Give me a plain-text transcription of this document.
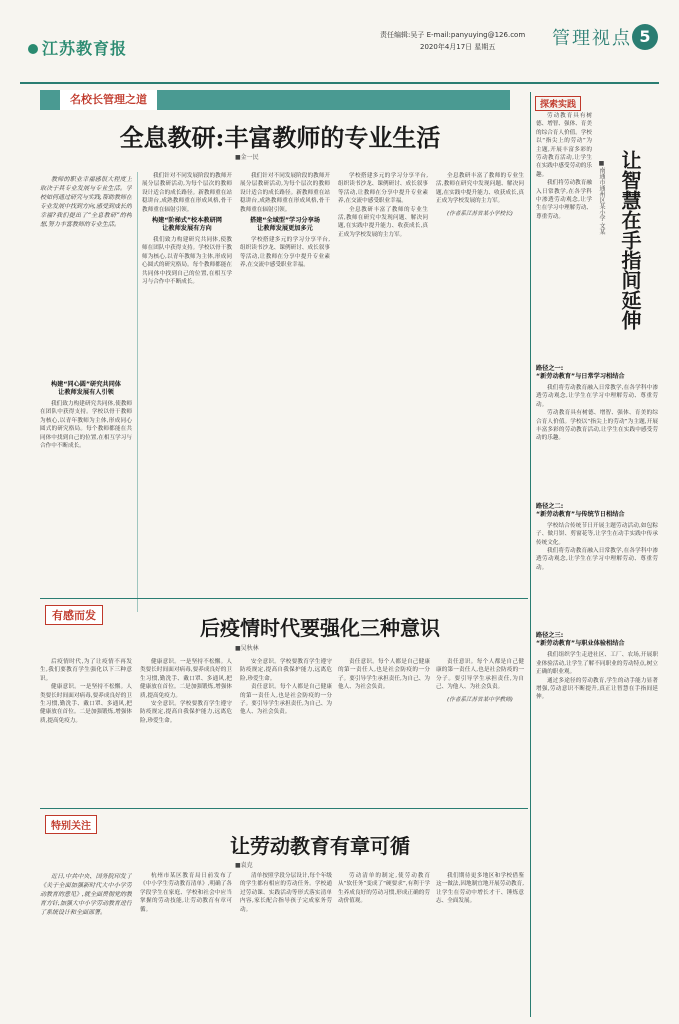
江苏教育报
责任编辑:吴子 E-mail:panyuying@126.com
2020年4月17日 星期五	管理视点 5
名校长管理之道
全息教研:丰富教师的专业生活
■金一民

教师的职业幸福感很大程度上取决于其专业发展与专业生活。学校如何通过研究与实践,帮助教师在专业发展中找到方向,感受到成长的幸福?我们提出了“全息教研”的构想,努力丰富教师的专业生活。

构建“同心圆”研究共同体
让教师发展有人引领

我们致力构建研究共同体,使教师在团队中获得支持。学校以骨干教师为核心,以青年教师为主体,形成同心圆式的研究格局。每个教师都能在共同体中找到自己的位置,在相互学习与合作中不断成长。

我们针对不同发展阶段的教师开展分层教研活动,为每个层次的教师设计适合的成长路径。新教师重在站稳讲台,成熟教师重在形成风格,骨干教师重在辐射引领。

构建“阶梯式”校本教研网
让教师发展有方向

我们致力构建研究共同体,使教师在团队中获得支持。学校以骨干教师为核心,以青年教师为主体,形成同心圆式的研究格局。每个教师都能在共同体中找到自己的位置,在相互学习与合作中不断成长。

我们针对不同发展阶段的教师开展分层教研活动,为每个层次的教师设计适合的成长路径。新教师重在站稳讲台,成熟教师重在形成风格,骨干教师重在辐射引领。

搭建“全域型”学习分享场
让教师发展更加多元

学校搭建多元的学习分享平台,组织读书沙龙、课例研讨、成长叙事等活动,让教师在分享中提升专业素养,在交流中感受职业幸福。

学校搭建多元的学习分享平台,组织读书沙龙、课例研讨、成长叙事等活动,让教师在分享中提升专业素养,在交流中感受职业幸福。

全息教研丰富了教师的专业生活,教师在研究中发现问题、解决问题,在实践中提升能力、收获成长,真正成为学校发展的主力军。

全息教研丰富了教师的专业生活,教师在研究中发现问题、解决问题,在实践中提升能力、收获成长,真正成为学校发展的主力军。

(作者系江苏省某小学校长)

有感而发
后疫情时代要强化三种意识
■吴秋林

后疫情时代,为了让疫情不再发生,我们要教育学生强化以下三种意识。

健康意识。一是坚持不松懈。人类要长时间面对病毒,要养成良好的卫生习惯,勤洗手、戴口罩、多通风,把健康放在首位。二是加强锻炼,增强体质,提高免疫力。

健康意识。一是坚持不松懈。人类要长时间面对病毒,要养成良好的卫生习惯,勤洗手、戴口罩、多通风,把健康放在首位。二是加强锻炼,增强体质,提高免疫力。

安全意识。学校要教育学生遵守防疫规定,提高自我保护能力,远离危险,珍爱生命。

安全意识。学校要教育学生遵守防疫规定,提高自我保护能力,远离危险,珍爱生命。

责任意识。每个人都是自己健康的第一责任人,也是社会防疫的一分子。要引导学生承担责任,为自己、为他人、为社会负责。

责任意识。每个人都是自己健康的第一责任人,也是社会防疫的一分子。要引导学生承担责任,为自己、为他人、为社会负责。

责任意识。每个人都是自己健康的第一责任人,也是社会防疫的一分子。要引导学生承担责任,为自己、为他人、为社会负责。

(作者系江苏省某中学教师)

特别关注
让劳动教育有章可循
■袁克

近日,中共中央、国务院印发了《关于全面加强新时代大中小学劳动教育的意见》,就全面贯彻党的教育方针,加强大中小学劳动教育进行了系统设计和全面部署。

杭州市某区教育局日前发布了《中小学生劳动教育清单》,明确了各学段学生在家庭、学校和社会中应当掌握的劳动技能,让劳动教育有章可循。

清单按照学段分层设计,每个年级的学生都有相应的劳动任务。学校通过劳动课、实践活动等形式落实清单内容,家长配合指导孩子完成家务劳动。

劳动清单的制定,使劳动教育从“软任务”变成了“硬要求”,有利于学生养成良好的劳动习惯,形成正确的劳动价值观。

我们期待更多地区和学校借鉴这一做法,因地制宜地开展劳动教育,让学生在劳动中增长才干、锤炼意志、全面发展。

探索实践
让智慧在手指间延伸
■南通市通州区某小学 文某

劳动教育具有树德、增智、强体、育美的综合育人价值。学校以“指尖上的劳动”为主题,开展丰富多彩的劳动教育活动,让学生在实践中感受劳动的乐趣。

我们将劳动教育融入日常教学,在各学科中渗透劳动观念,让学生在学习中理解劳动、尊重劳动。

路径之一:
“新劳动教育”与日常学习相结合

我们将劳动教育融入日常教学,在各学科中渗透劳动观念,让学生在学习中理解劳动、尊重劳动。

劳动教育具有树德、增智、强体、育美的综合育人价值。学校以“指尖上的劳动”为主题,开展丰富多彩的劳动教育活动,让学生在实践中感受劳动的乐趣。

路径之二:
“新劳动教育”与传统节日相结合

学校结合传统节日开展主题劳动活动,如包粽子、做月饼、剪窗花等,让学生在动手实践中传承传统文化。

我们将劳动教育融入日常教学,在各学科中渗透劳动观念,让学生在学习中理解劳动、尊重劳动。

路径之三:
“新劳动教育”与职业体验相结合

我们组织学生走进社区、工厂、农场,开展职业体验活动,让学生了解不同职业的劳动特点,树立正确的职业观。

通过多途径的劳动教育,学生的动手能力显著增强,劳动意识不断提升,真正让智慧在手指间延伸。
